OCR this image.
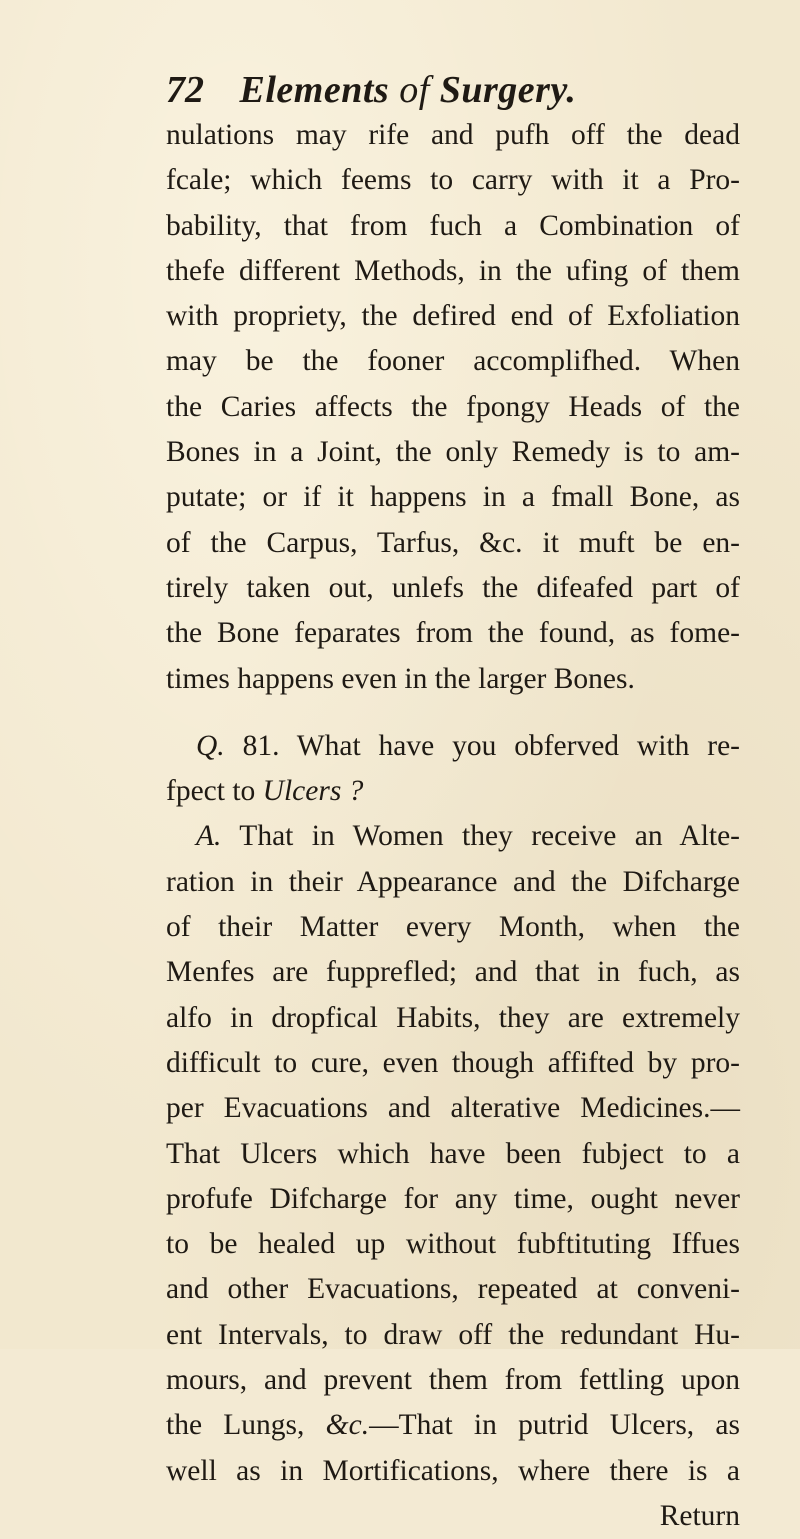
72 Elements of Surgery.
nulations may rife and pufh off the dead
fcale; which feems to carry with it a Pro-
bability, that from fuch a Combination of
thefe different Methods, in the ufing of them
with propriety, the defired end of Exfoliation
may be the fooner accomplifhed. When
the Caries affects the fpongy Heads of the
Bones in a Joint, the only Remedy is to am-
putate; or if it happens in a fmall Bone, as
of the Carpus, Tarfus, &c. it muft be en-
tirely taken out, unlefs the difeafed part of
the Bone feparates from the found, as fome-
times happens even in the larger Bones.
Q. 81. What have you obferved with re-
fpect to Ulcers ?
A. That in Women they receive an Alte-
ration in their Appearance and the Difcharge
of their Matter every Month, when the
Menfes are fupprefled; and that in fuch, as
alfo in dropfical Habits, they are extremely
difficult to cure, even though affifted by pro-
per Evacuations and alterative Medicines.—
That Ulcers which have been fubject to a
profufe Difcharge for any time, ought never
to be healed up without fubftituting Iffues
and other Evacuations, repeated at conveni-
ent Intervals, to draw off the redundant Hu-
mours, and prevent them from fettling upon
the Lungs, &c.—That in putrid Ulcers, as
well as in Mortifications, where there is a
Return
